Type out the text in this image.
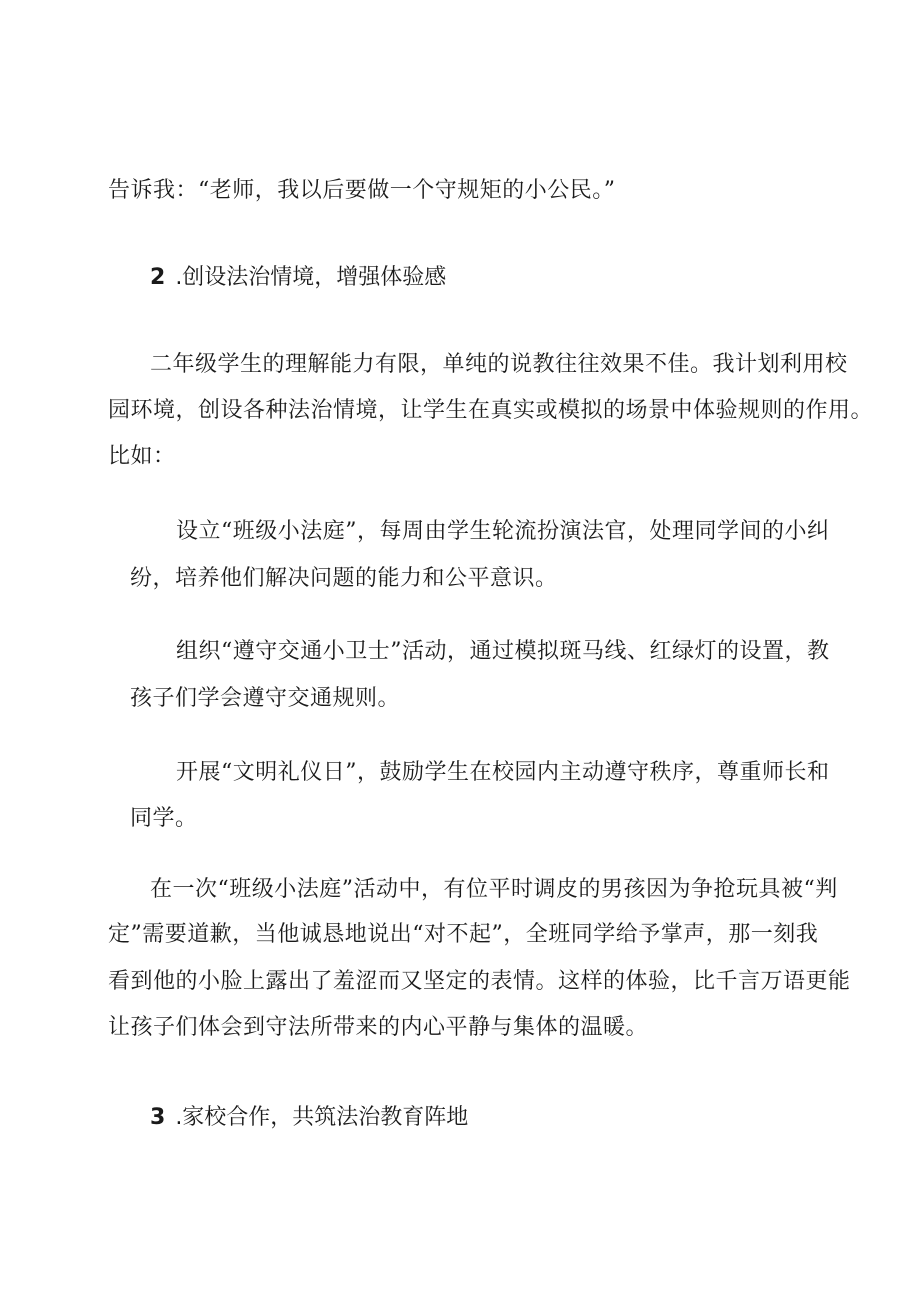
告诉我：“老师，我以后要做一个守规矩的小公民。”
2 .创设法治情境，增强体验感
二年级学生的理解能力有限，单纯的说教往往效果不佳。我计划利用校
园环境，创设各种法治情境，让学生在真实或模拟的场景中体验规则的作用。
比如：
设立“班级小法庭”，每周由学生轮流扮演法官，处理同学间的小纠
纷，培养他们解决问题的能力和公平意识。
组织“遵守交通小卫士”活动，通过模拟斑马线、红绿灯的设置，教
孩子们学会遵守交通规则。
开展“文明礼仪日”，鼓励学生在校园内主动遵守秩序，尊重师长和
同学。
在一次“班级小法庭”活动中，有位平时调皮的男孩因为争抢玩具被“判
定”需要道歉，当他诚恳地说出“对不起”，全班同学给予掌声，那一刻我
看到他的小脸上露出了羞涩而又坚定的表情。这样的体验，比千言万语更能
让孩子们体会到守法所带来的内心平静与集体的温暖。
3 .家校合作，共筑法治教育阵地
